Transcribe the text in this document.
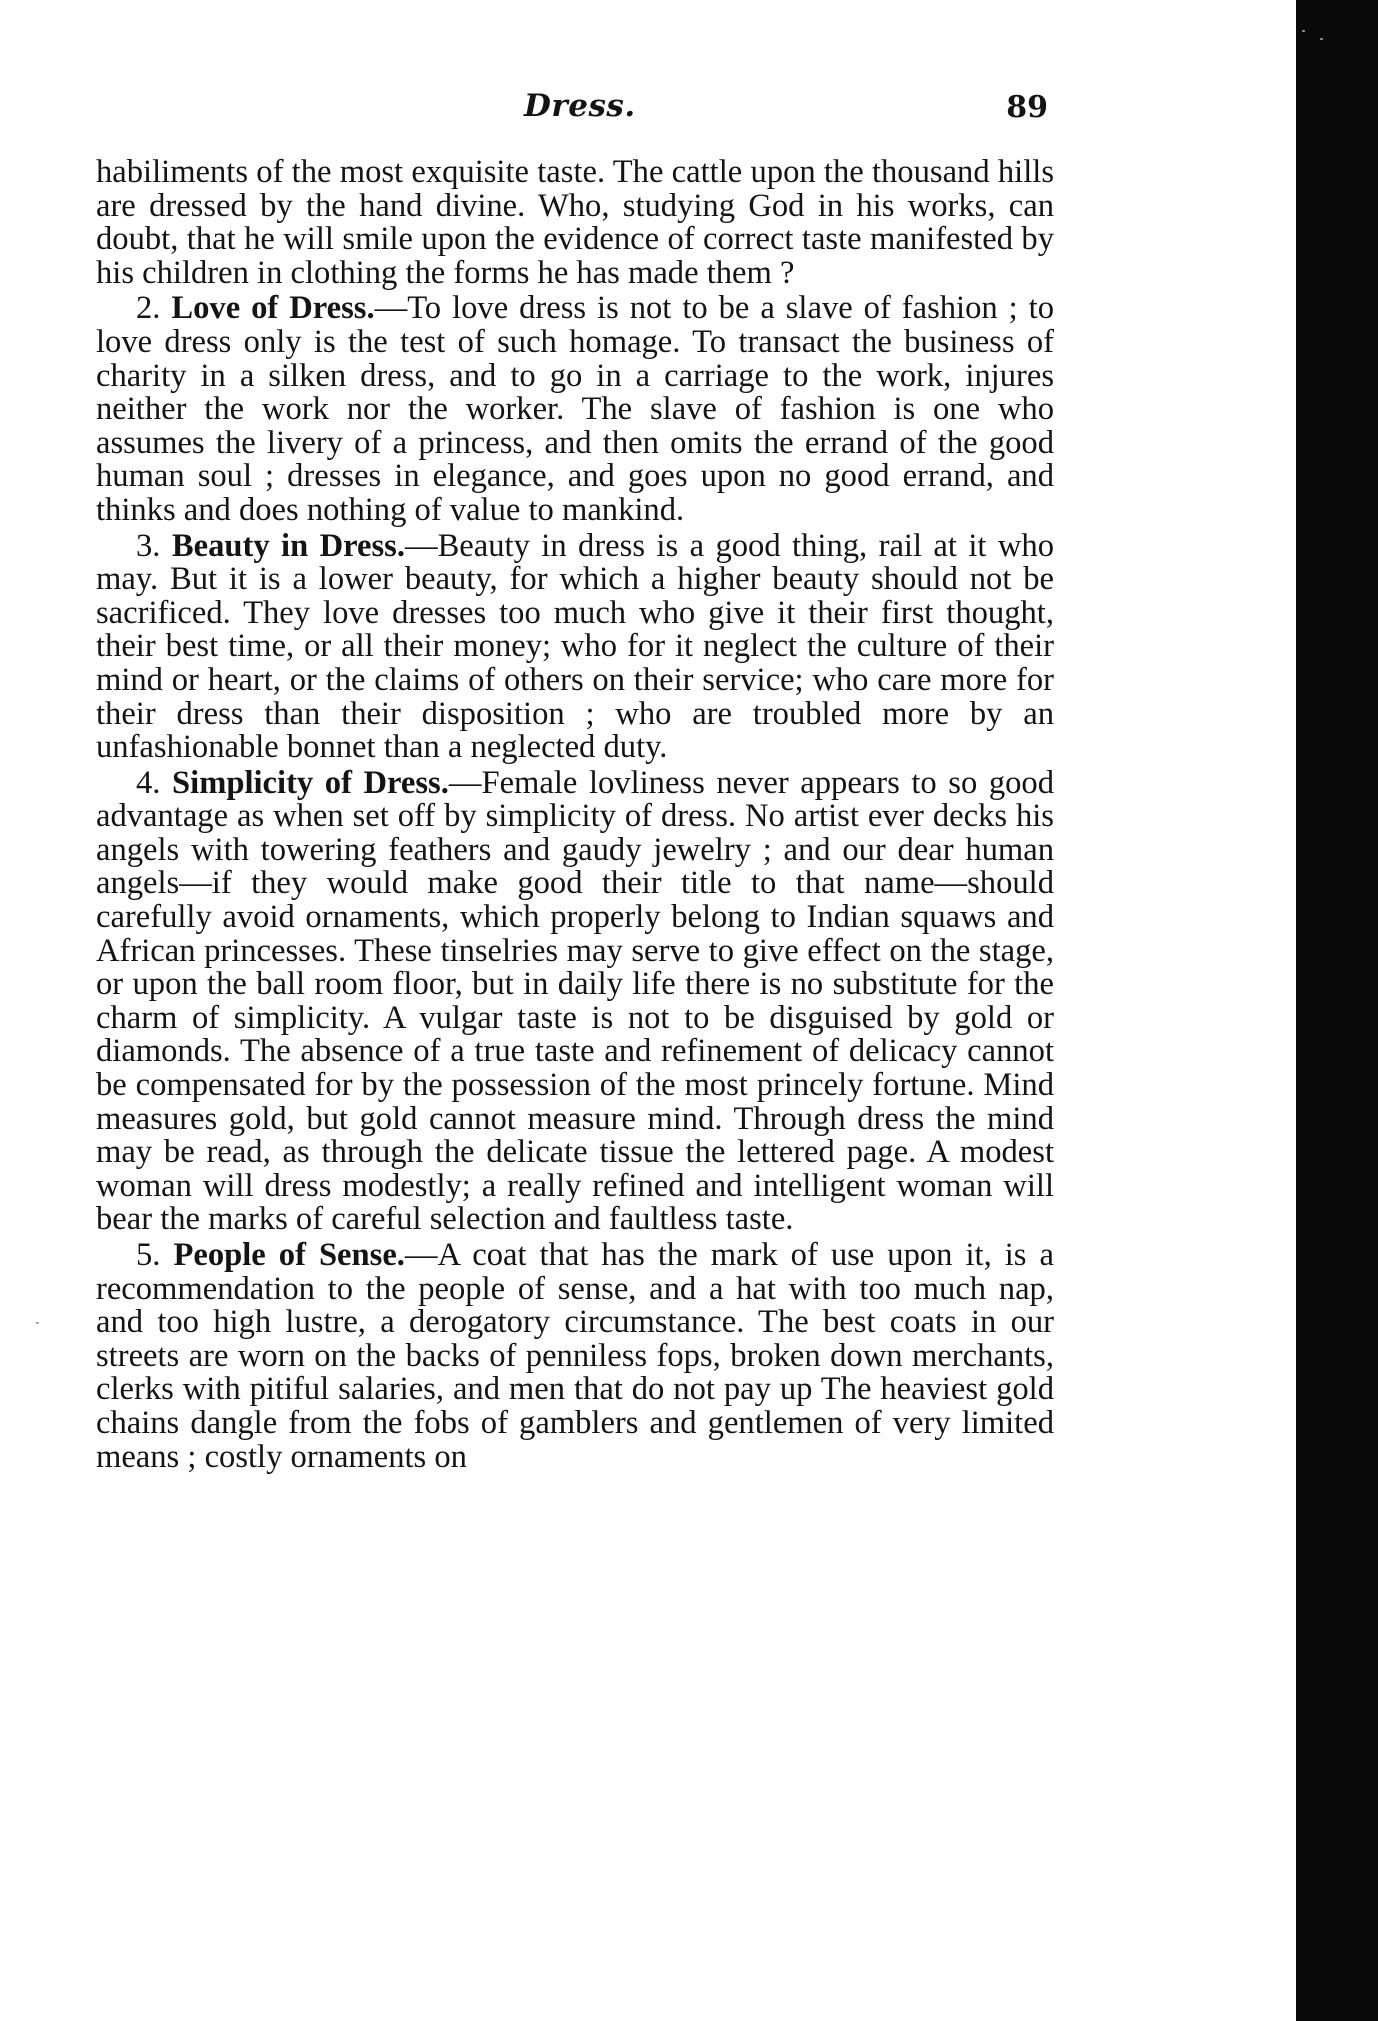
Dress.	89

habiliments of the most exquisite taste. The cattle upon the thousand hills are dressed by the hand divine. Who, studying God in his works, can doubt, that he will smile upon the evidence of correct taste manifested by his children in clothing the forms he has made them ?

2. Love of Dress.—To love dress is not to be a slave of fashion ; to love dress only is the test of such homage. To transact the business of charity in a silken dress, and to go in a carriage to the work, injures neither the work nor the worker. The slave of fashion is one who assumes the livery of a princess, and then omits the errand of the good human soul ; dresses in elegance, and goes upon no good errand, and thinks and does nothing of value to mankind.

3. Beauty in Dress.—Beauty in dress is a good thing, rail at it who may. But it is a lower beauty, for which a higher beauty should not be sacrificed. They love dresses too much who give it their first thought, their best time, or all their money; who for it neglect the culture of their mind or heart, or the claims of others on their service; who care more for their dress than their disposition ; who are troubled more by an unfashionable bonnet than a neglected duty.

4. Simplicity of Dress.—Female lovliness never appears to so good advantage as when set off by simplicity of dress. No artist ever decks his angels with towering feathers and gaudy jewelry ; and our dear human angels—if they would make good their title to that name—should carefully avoid ornaments, which properly belong to Indian squaws and African princesses. These tinselries may serve to give effect on the stage, or upon the ball room floor, but in daily life there is no substitute for the charm of simplicity. A vulgar taste is not to be disguised by gold or diamonds. The absence of a true taste and refinement of delicacy cannot be compensated for by the possession of the most princely fortune. Mind measures gold, but gold cannot measure mind. Through dress the mind may be read, as through the delicate tissue the lettered page. A modest woman will dress modestly; a really refined and intelligent woman will bear the marks of careful selection and faultless taste.

5. People of Sense.—A coat that has the mark of use upon it, is a recommendation to the people of sense, and a hat with too much nap, and too high lustre, a derogatory circumstance. The best coats in our streets are worn on the backs of penniless fops, broken down merchants, clerks with pitiful salaries, and men that do not pay up The heaviest gold chains dangle from the fobs of gamblers and gentlemen of very limited means ; costly ornaments on
